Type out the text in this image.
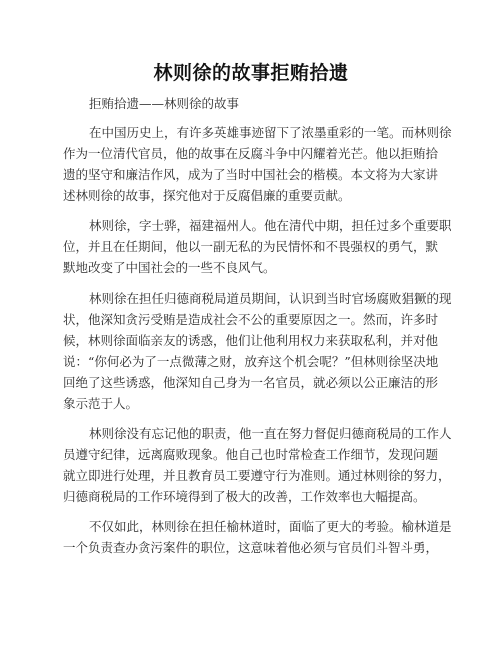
林则徐的故事拒贿拾遗
拒贿拾遗——林则徐的故事
在中国历史上，有许多英雄事迹留下了浓墨重彩的一笔。而林则徐
作为一位清代官员，他的故事在反腐斗争中闪耀着光芒。他以拒贿拾
遗的坚守和廉洁作风，成为了当时中国社会的楷模。本文将为大家讲
述林则徐的故事，探究他对于反腐倡廉的重要贡献。
林则徐，字士骅，福建福州人。他在清代中期，担任过多个重要职
位，并且在任期间，他以一副无私的为民情怀和不畏强权的勇气，默
默地改变了中国社会的一些不良风气。
林则徐在担任归德商税局道员期间，认识到当时官场腐败猖獗的现
状，他深知贪污受贿是造成社会不公的重要原因之一。然而，许多时
候，林则徐面临亲友的诱惑，他们让他利用权力来获取私利，并对他
说：“你何必为了一点微薄之财，放弃这个机会呢？”但林则徐坚决地
回绝了这些诱惑，他深知自己身为一名官员，就必须以公正廉洁的形
象示范于人。
林则徐没有忘记他的职责，他一直在努力督促归德商税局的工作人
员遵守纪律，远离腐败现象。他自己也时常检查工作细节，发现问题
就立即进行处理，并且教育员工要遵守行为准则。通过林则徐的努力，
归德商税局的工作环境得到了极大的改善，工作效率也大幅提高。
不仅如此，林则徐在担任榆林道时，面临了更大的考验。榆林道是
一个负责查办贪污案件的职位，这意味着他必须与官员们斗智斗勇，
